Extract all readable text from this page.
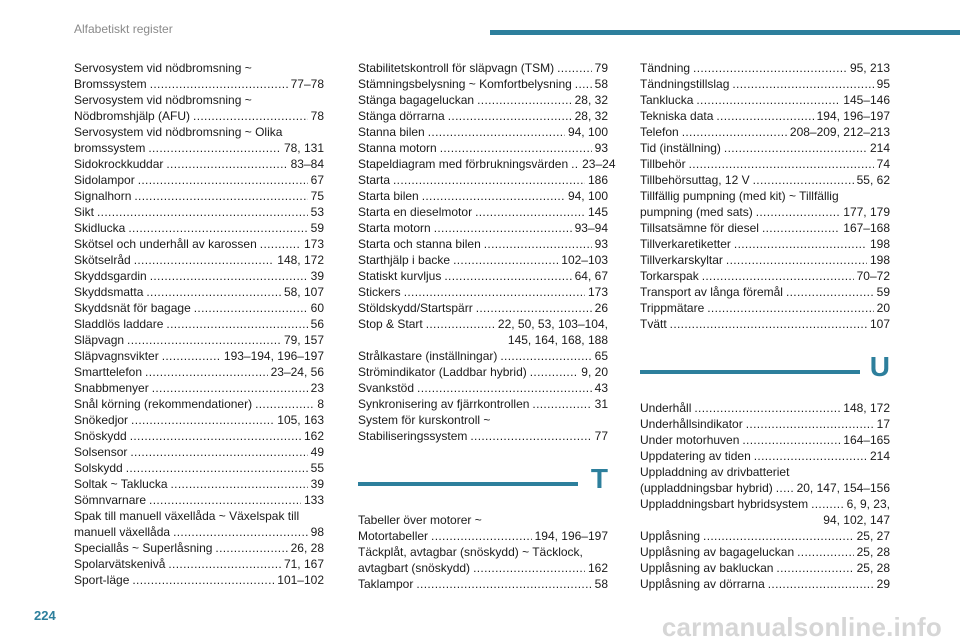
Alfabetiskt register
Servosystem vid nödbromsning ~
Bromssystem . . .	77–78
Servosystem vid nödbromsning ~
Nödbromshjälp (AFU) . . .	78
Servosystem vid nödbromsning ~ Olika
bromssystem . . .	78, 131
Sidokrockkuddar . . .	83–84
Sidolampor . . .	67
Signalhorn . . .	75
Sikt . . .	53
Skidlucka . . .	59
Skötsel och underhåll av karossen . . .	173
Skötselråd . . .	148, 172
Skyddsgardin . . .	39
Skyddsmatta . . .	58, 107
Skyddsnät för bagage . . .	60
Sladdlös laddare . . .	56
Släpvagn . . .	79, 157
Släpvagnsvikter . . .	193–194, 196–197
Smarttelefon . . .	23–24, 56
Snabbmenyer . . .	23
Snål körning (rekommendationer) . . .	8
Snökedjor . . .	105, 163
Snöskydd . . .	162
Solsensor . . .	49
Solskydd . . .	55
Soltak ~ Taklucka . . .	39
Sömnvarnare . . .	133
Spak till manuell växellåda ~ Växelspak till
manuell växellåda . . .	98
Speciallås ~ Superlåsning . . .	26, 28
Spolarvätskenivå . . .	71, 167
Sport-läge . . .	101–102
Stabilitetskontroll för släpvagn (TSM) . . .	79
Stämningsbelysning ~ Komfortbelysning . . . 58
Stänga bagageluckan . . .	28, 32
Stänga dörrarna . . .	28, 32
Stanna bilen . . .	94, 100
Stanna motorn . . .	93
Stapeldiagram med förbrukningsvärden . . . 23–24
Starta . . .	186
Starta bilen . . .	94, 100
Starta en dieselmotor . . .	145
Starta motorn . . .	93–94
Starta och stanna bilen . . .	93
Starthjälp i backe . . .	102–103
Statiskt kurvljus . . .	64, 67
Stickers . . .	173
Stöldskydd/Startspärr . . .	26
Stop & Start . . .	22, 50, 53, 103–104,
145, 164, 168, 188
Strålkastare (inställningar) . . .	65
Strömindikator (Laddbar hybrid) . . .	9, 20
Svankstöd . . .	43
Synkronisering av fjärrkontrollen . . .	31
System för kurskontroll ~
Stabiliseringssystem . . .	77
T
Tabeller över motorer ~
Motortabeller . . .	194, 196–197
Täckplåt, avtagbar (snöskydd) ~ Täcklock,
avtagbart (snöskydd) . . .	162
Taklampor . . .	58
Tändning . . .	95, 213
Tändningstillslag . . .	95
Tanklucka . . .	145–146
Tekniska data . . .	194, 196–197
Telefon . . .	208–209, 212–213
Tid (inställning) . . .	214
Tillbehör . . .	74
Tillbehörsuttag, 12 V . . .	55, 62
Tillfällig pumpning (med kit) ~ Tillfällig
pumpning (med sats) . . .	177, 179
Tillsatsämne för diesel . . .	167–168
Tillverkaretiketter . . .	198
Tillverkarskyltar . . .	198
Torkarspak . . .	70–72
Transport av långa föremål . . .	59
Trippmätare . . .	20
Tvätt . . .	107
U
Underhåll . . .	148, 172
Underhållsindikator . . .	17
Under motorhuven . . .	164–165
Uppdatering av tiden . . .	214
Uppladdning av drivbatteriet
(uppladdningsbar hybrid) . . . 20, 147, 154–156
Uppladdningsbart hybridsystem . . .	6, 9, 23,
94, 102, 147
Upplåsning . . .	25, 27
Upplåsning av bagageluckan . . .	25, 28
Upplåsning av bakluckan . . .	25, 28
Upplåsning av dörrarna . . .	29
224	carmanualsonline.info
